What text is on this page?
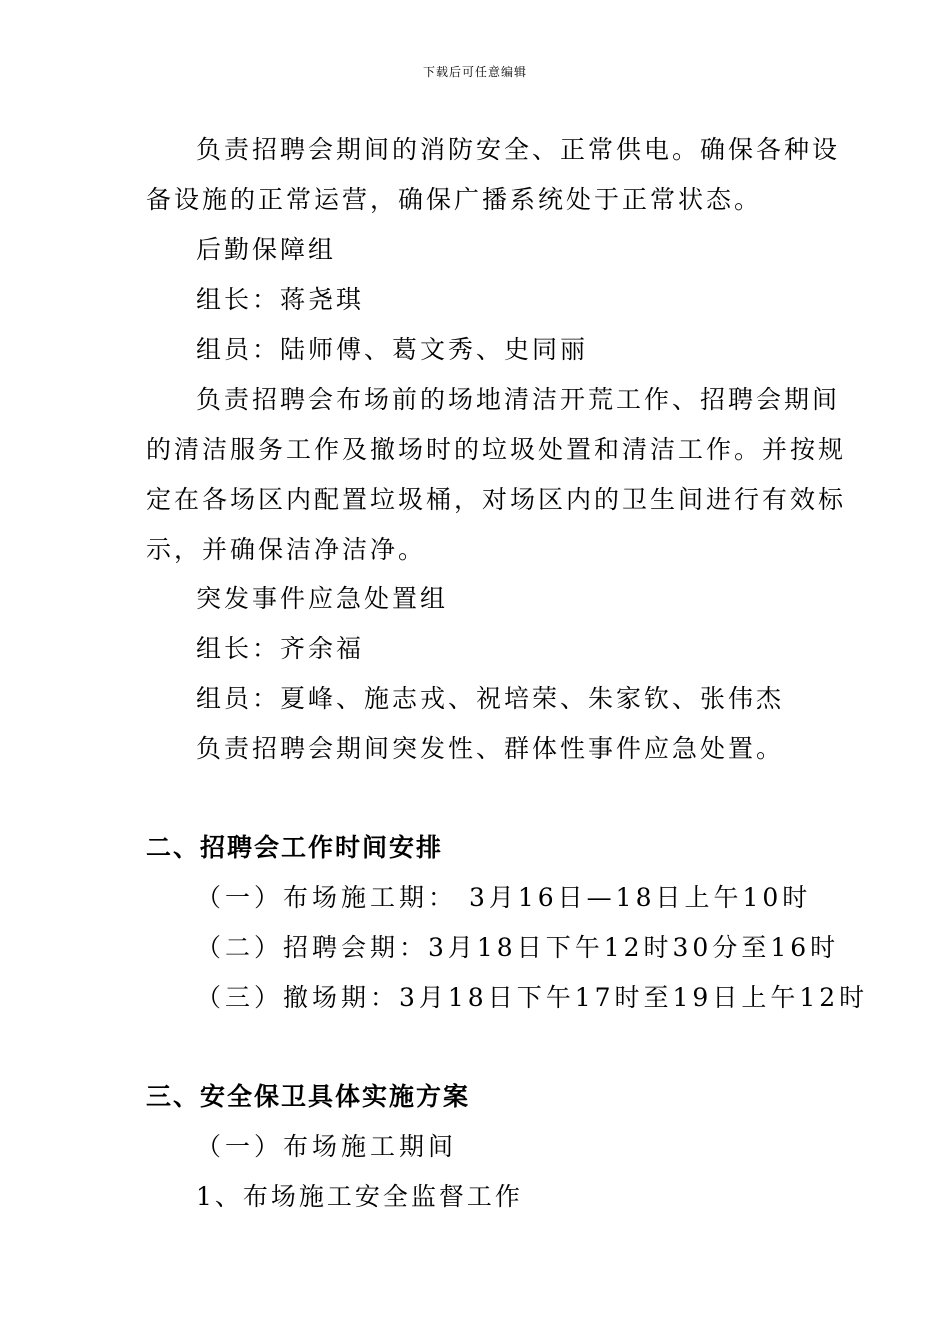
下载后可任意编辑
负责招聘会期间的消防安全、正常供电。确保各种设
备设施的正常运营，确保广播系统处于正常状态。
后勤保障组
组长：蒋尧琪
组员：陆师傅、葛文秀、史同丽
负责招聘会布场前的场地清洁开荒工作、招聘会期间
的清洁服务工作及撤场时的垃圾处置和清洁工作。并按规
定在各场区内配置垃圾桶，对场区内的卫生间进行有效标
示，并确保洁净洁净。
突发事件应急处置组
组长：齐余福
组员：夏峰、施志戎、祝培荣、朱家钦、张伟杰
负责招聘会期间突发性、群体性事件应急处置。
二、招聘会工作时间安排
（一）布场施工期： 3月16日—18日上午10时
（二）招聘会期：3月18日下午12时30分至16时
（三）撤场期：3月18日下午17时至19日上午12时
三、安全保卫具体实施方案
（一）布场施工期间
1、布场施工安全监督工作
